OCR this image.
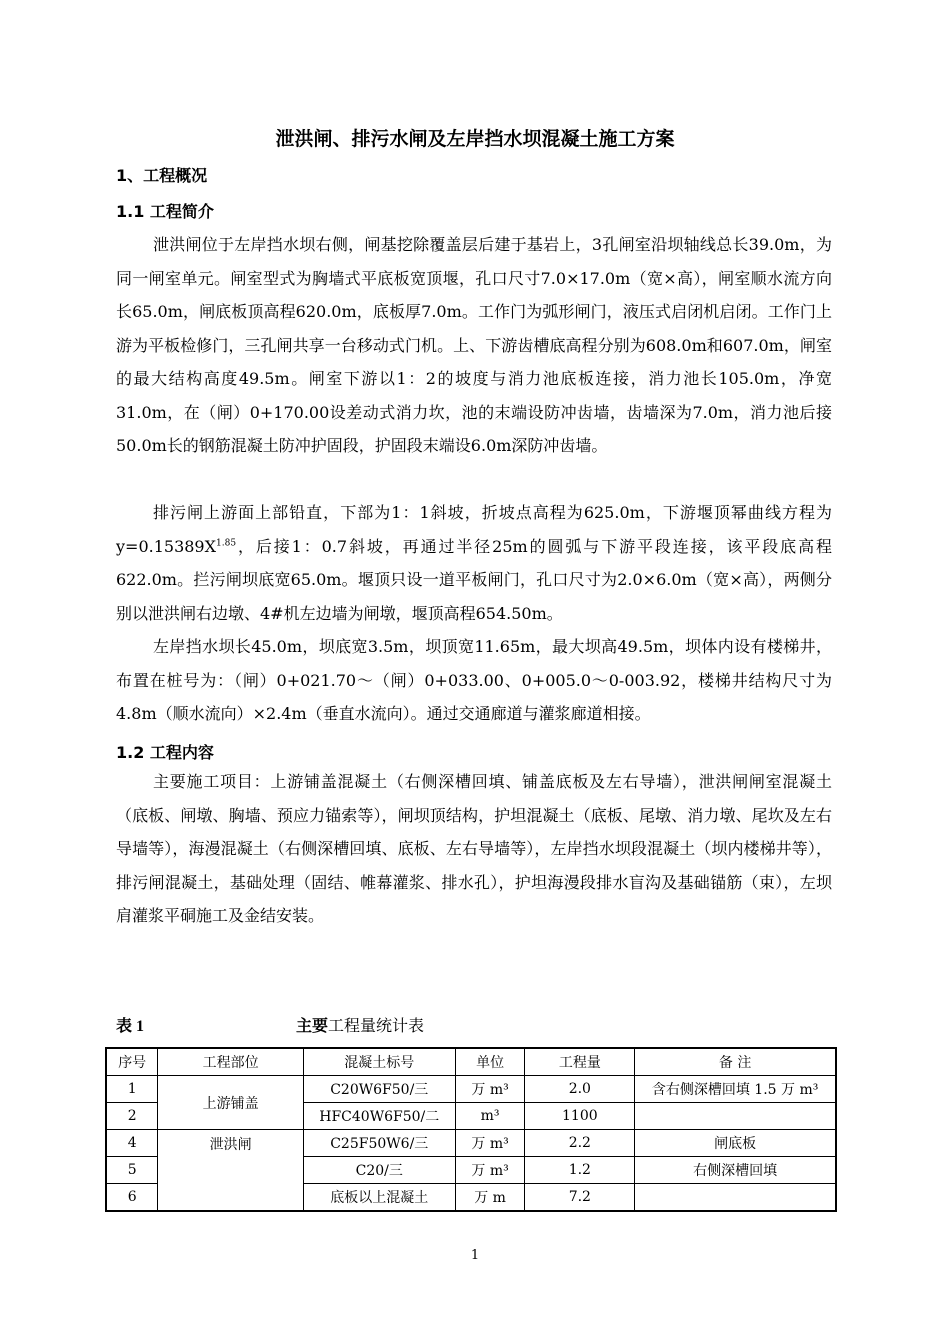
泄洪闸、排污水闸及左岸挡水坝混凝土施工方案
1、工程概况
1.1 工程简介

泄洪闸位于左岸挡水坝右侧，闸基挖除覆盖层后建于基岩上，3孔闸室沿坝轴线总长39.0m，为同一闸室单元。闸室型式为胸墙式平底板宽顶堰，孔口尺寸7.0×17.0m（宽×高），闸室顺水流方向长65.0m，闸底板顶高程620.0m，底板厚7.0m。工作门为弧形闸门，液压式启闭机启闭。工作门上游为平板检修门，三孔闸共享一台移动式门机。上、下游齿槽底高程分别为608.0m和607.0m，闸室的最大结构高度49.5m。闸室下游以1：2的坡度与消力池底板连接，消力池长105.0m，净宽31.0m，在（闸）0+170.00设差动式消力坎，池的末端设防冲齿墙，齿墙深为7.0m，消力池后接50.0m长的钢筋混凝土防冲护固段，护固段末端设6.0m深防冲齿墙。

排污闸上游面上部铅直，下部为1：1斜坡，折坡点高程为625.0m，下游堰顶幂曲线方程为$y=0.15389X^{1.85}$，后接1：0.7斜坡，再通过半径25m的圆弧与下游平段连接，该平段底高程622.0m。拦污闸坝底宽65.0m。堰顶只设一道平板闸门，孔口尺寸为2.0×6.0m（宽×高），两侧分别以泄洪闸右边墩、4#机左边墙为闸墩，堰顶高程654.50m。

左岸挡水坝长45.0m，坝底宽3.5m，坝顶宽11.65m，最大坝高49.5m，坝体内设有楼梯井，布置在桩号为：（闸）0+021.70～（闸）0+033.00、0+005.0～0-003.92，楼梯井结构尺寸为4.8m（顺水流向）×2.4m（垂直水流向）。通过交通廊道与灌浆廊道相接。

1.2 工程内容

主要施工项目：上游铺盖混凝土（右侧深槽回填、铺盖底板及左右导墙），泄洪闸闸室混凝土（底板、闸墩、胸墙、预应力锚索等），闸坝顶结构，护坦混凝土（底板、尾墩、消力墩、尾坎及左右导墙等），海漫混凝土（右侧深槽回填、底板、左右导墙等），左岸挡水坝段混凝土（坝内楼梯井等），排污闸混凝土，基础处理（固结、帷幕灌浆、排水孔），护坦海漫段排水盲沟及基础锚筋（束），左坝肩灌浆平硐施工及金结安装。

表 1	主要工程量统计表
序号	工程部位	混凝土标号	单位	工程量	备 注
1	上游铺盖	C20W6F50/三	万 m³	2.0	含右侧深槽回填 1.5 万 m³
2		HFC40W6F50/二	m³	1100	
4	泄洪闸	C25F50W6/三	万 m³	2.2	闸底板
5		C20/三	万 m³	1.2	右侧深槽回填
6		底板以上混凝土	万 m	7.2	
1
